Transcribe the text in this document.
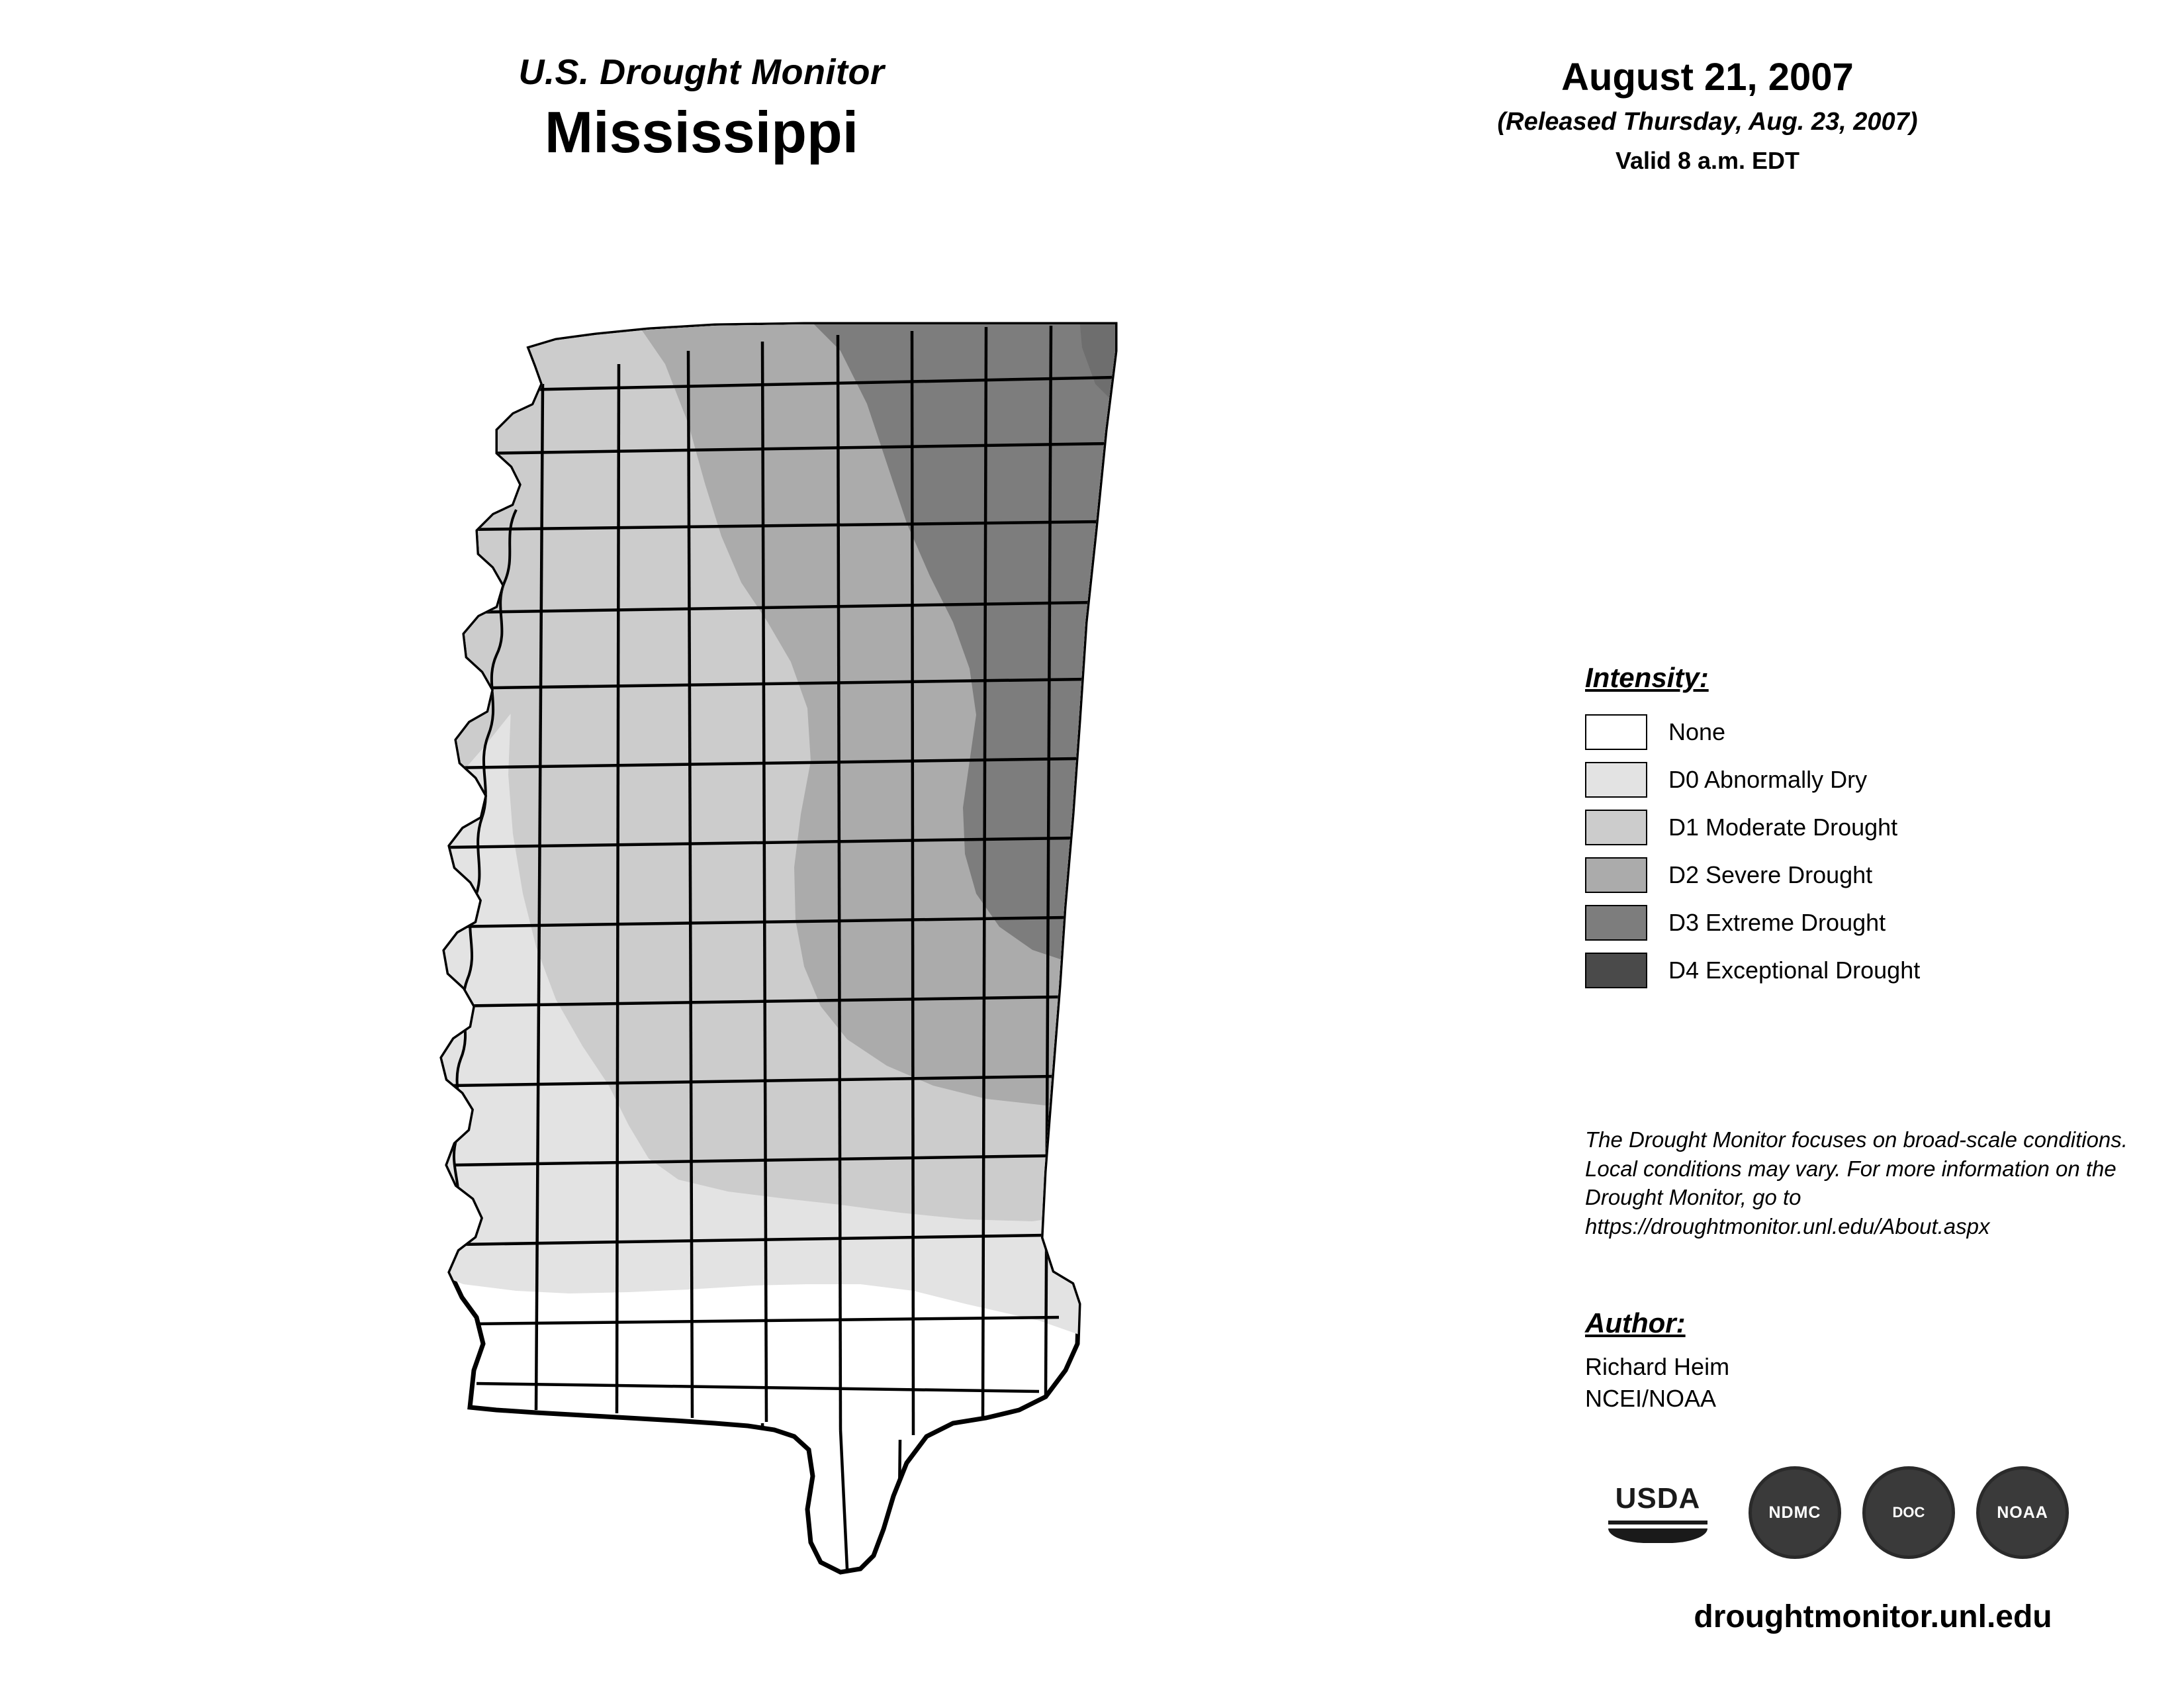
U.S. Drought Monitor
Mississippi
August 21, 2007
(Released Thursday, Aug. 23, 2007)
Valid 8 a.m. EDT
Intensity:
None
D0 Abnormally Dry
D1 Moderate Drought
D2 Severe Drought
D3 Extreme Drought
D4 Exceptional Drought
The Drought Monitor focuses on broad-scale conditions. Local conditions may vary. For more information on the Drought Monitor, go to https://droughtmonitor.unl.edu/About.aspx
Author:
Richard Heim
NCEI/NOAA
USDA	NDMC	DOC	NOAA
droughtmonitor.unl.edu
